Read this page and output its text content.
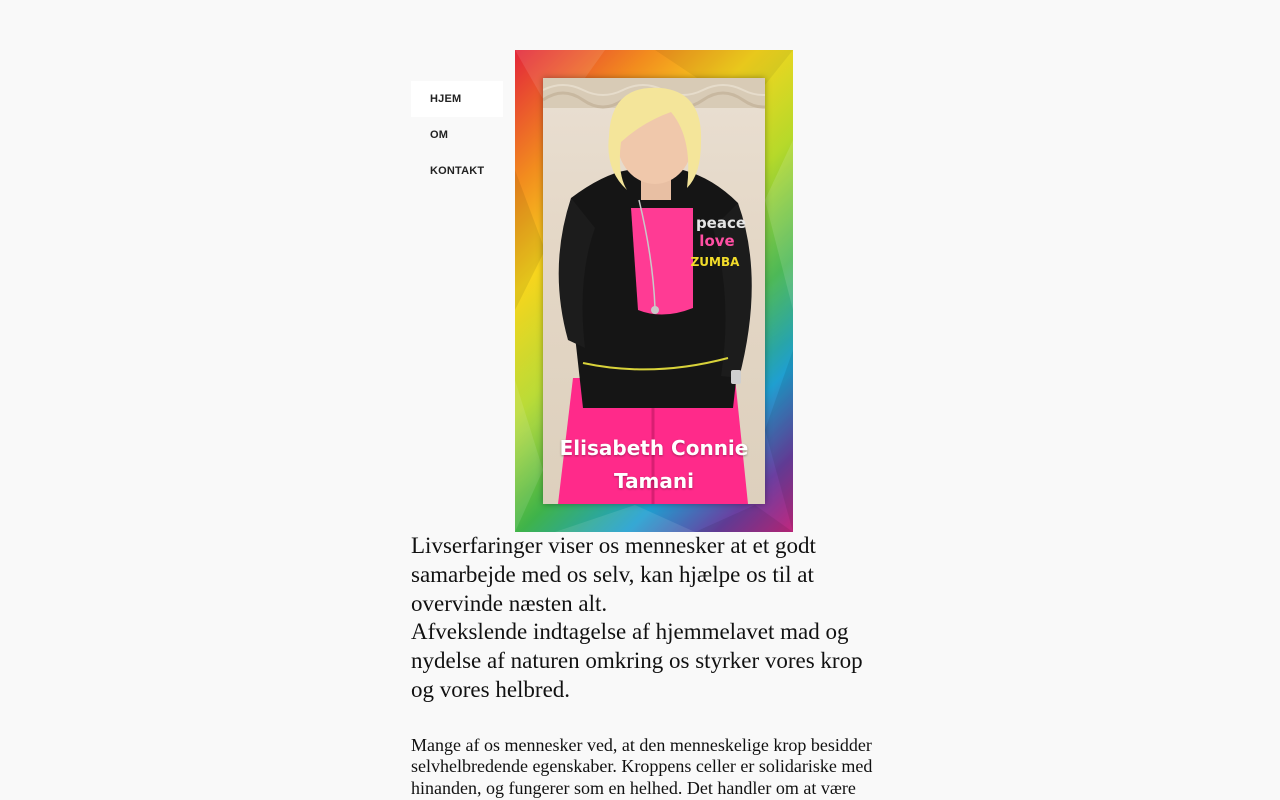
HJEM
OM
KONTAKT
peace
love
ZUMBA
Elisabeth Connie
Tamani

Livserfaringer viser os mennesker at et godt samarbejde med os selv, kan hjælpe os til at overvinde næsten alt.

Afvekslende indtagelse af hjemmelavet mad og nydelse af naturen omkring os styrker vores krop og vores helbred.

Mange af os mennesker ved, at den menneskelige krop besidder selvhelbredende egenskaber. Kroppens celler er solidariske med hinanden, og fungerer som en helhed. Det handler om at være
